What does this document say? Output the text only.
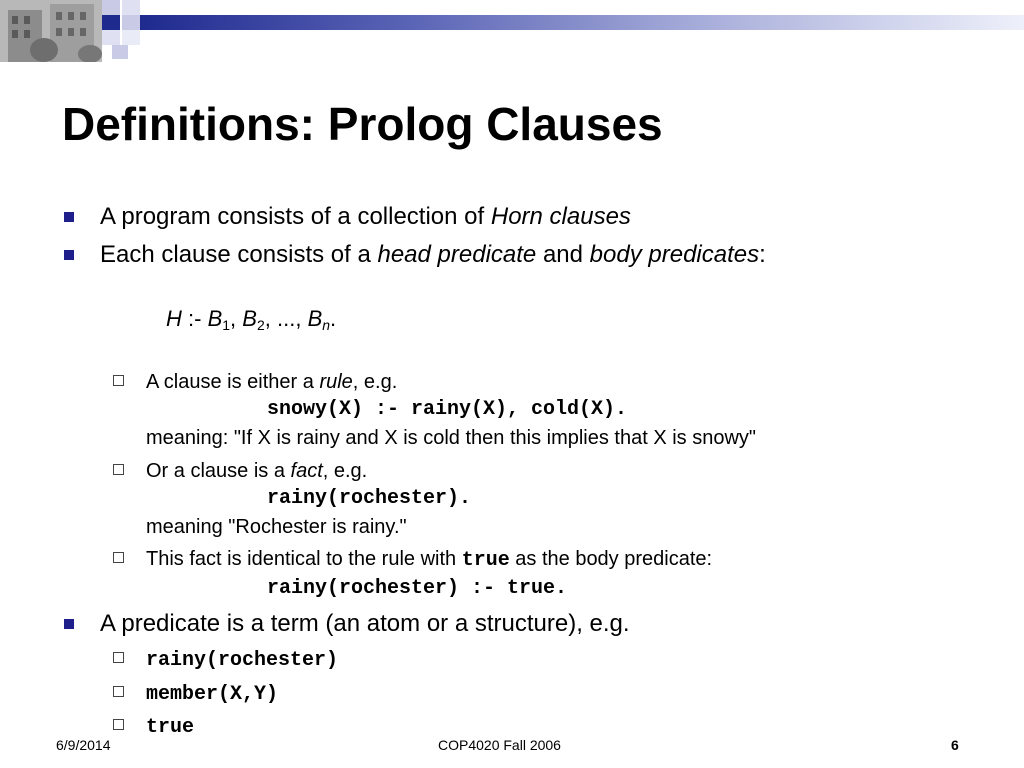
Definitions: Prolog Clauses
A program consists of a collection of Horn clauses
Each clause consists of a head predicate and body predicates:
H :- $B_1$, $B_2$, ..., $B_n$.
A clause is either a rule, e.g.
snowy(X) :- rainy(X), cold(X).
meaning: "If X is rainy and X is cold then this implies that X is snowy"
Or a clause is a fact, e.g.
rainy(rochester).
meaning "Rochester is rainy."
This fact is identical to the rule with true as the body predicate:
rainy(rochester) :- true.
A predicate is a term (an atom or a structure), e.g.
rainy(rochester)
member(X,Y)
true
6/9/2014	COP4020 Fall 2006	6
